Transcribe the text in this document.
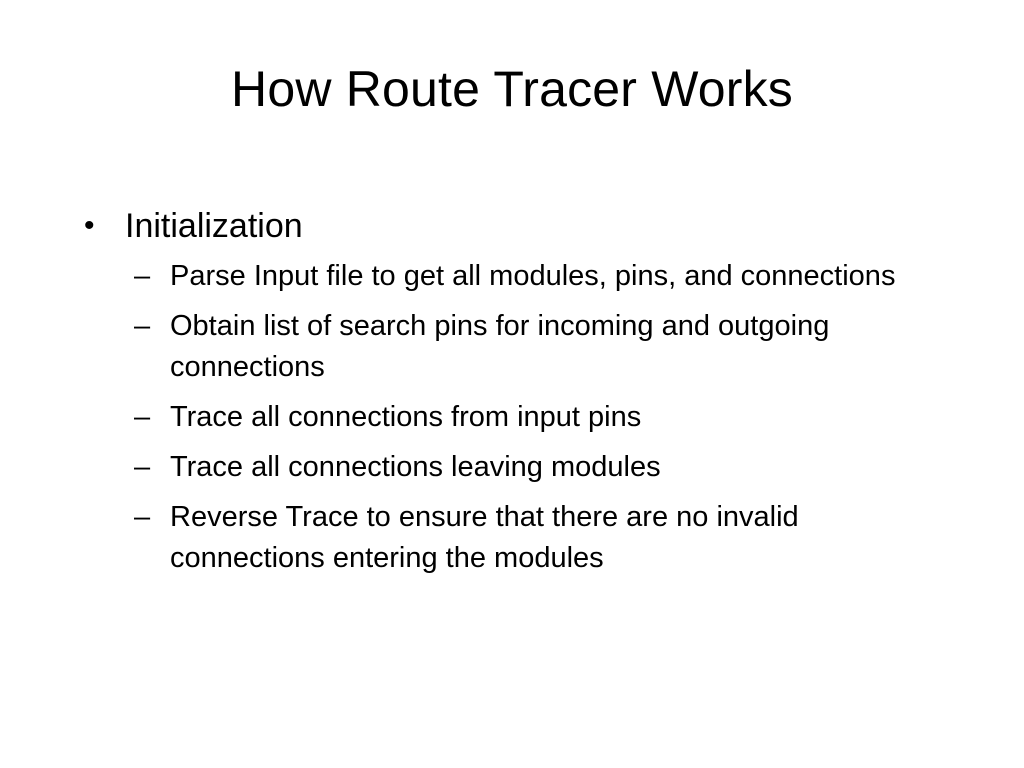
How Route Tracer Works
• Initialization
– Parse Input file to get all modules, pins, and connections
– Obtain list of search pins for incoming and outgoing connections
– Trace all connections from input pins
– Trace all connections leaving modules
– Reverse Trace to ensure that there are no invalid connections entering the modules
